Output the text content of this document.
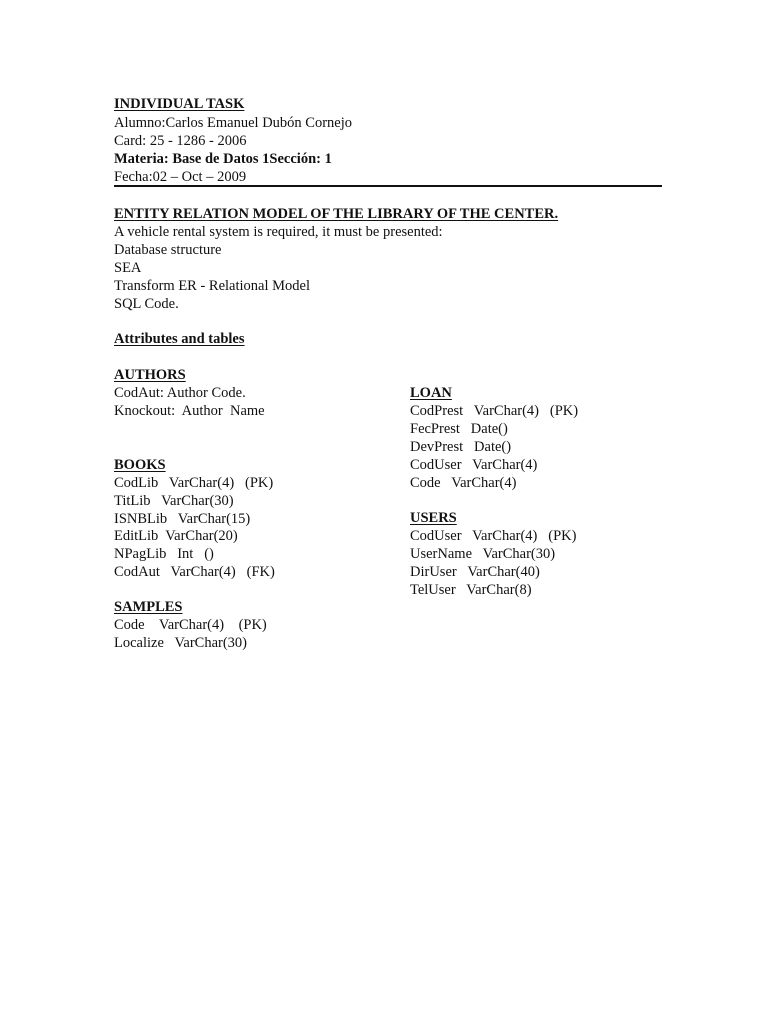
INDIVIDUAL TASK
Alumno:Carlos Emanuel Dubón Cornejo
Card: 25 - 1286 - 2006
Materia: Base de Datos 1Sección: 1
Fecha:02 – Oct – 2009
ENTITY RELATION MODEL OF THE LIBRARY OF THE CENTER.
A vehicle rental system is required, it must be presented:
Database structure
SEA
Transform ER - Relational Model
SQL Code.
Attributes and tables
AUTHORS
CodAut: Author Code.
Knockout:  Author  Name
BOOKS
CodLib   VarChar(4)   (PK)
TitLib   VarChar(30)
ISNBLib   VarChar(15)
EditLib  VarChar(20)
NPagLib   Int   ()
CodAut   VarChar(4)   (FK)
SAMPLES
Code    VarChar(4)    (PK)
Localize   VarChar(30)
LOAN
CodPrest   VarChar(4)   (PK)
FecPrest   Date()
DevPrest   Date()
CodUser   VarChar(4)
Code   VarChar(4)
USERS
CodUser   VarChar(4)   (PK)
UserName   VarChar(30)
DirUser   VarChar(40)
TelUser   VarChar(8)
